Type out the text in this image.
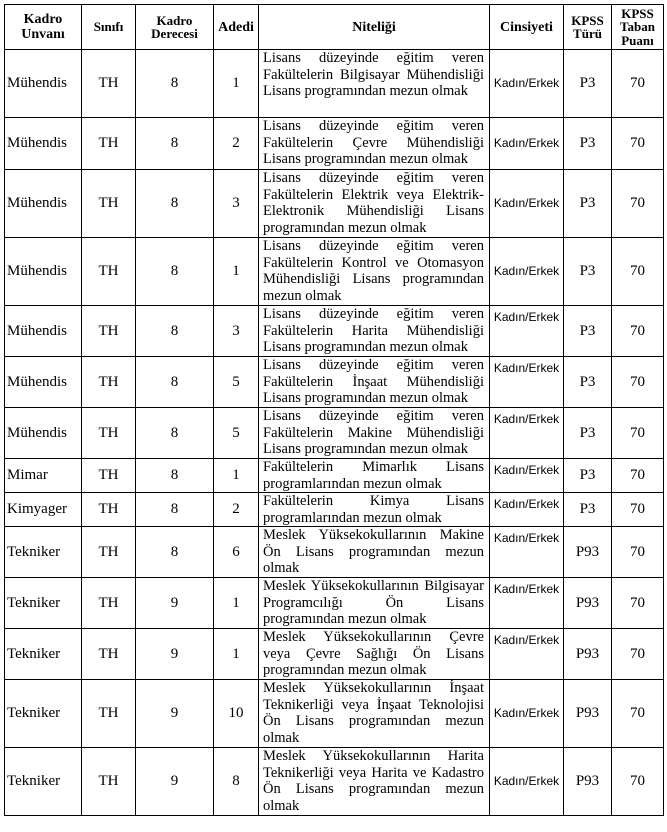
Kadro Unvanı	Sınıfı	Kadro Derecesi	Adedi	Niteliği	Cinsiyeti	KPSS Türü	KPSS Taban Puanı
Mühendis	TH	8	1	Lisans düzeyinde eğitim veren Fakültelerin Bilgisayar Mühendisliği Lisans programından mezun olmak	Kadın/Erkek	P3	70
Mühendis	TH	8	2	Lisans düzeyinde eğitim veren Fakültelerin Çevre Mühendisliği Lisans programından mezun olmak	Kadın/Erkek	P3	70
Mühendis	TH	8	3	Lisans düzeyinde eğitim veren Fakültelerin Elektrik veya Elektrik-Elektronik Mühendisliği Lisans programından mezun olmak	Kadın/Erkek	P3	70
Mühendis	TH	8	1	Lisans düzeyinde eğitim veren Fakültelerin Kontrol ve Otomasyon Mühendisliği Lisans programından mezun olmak	Kadın/Erkek	P3	70
Mühendis	TH	8	3	Lisans düzeyinde eğitim veren Fakültelerin Harita Mühendisliği Lisans programından mezun olmak	Kadın/Erkek	P3	70
Mühendis	TH	8	5	Lisans düzeyinde eğitim veren Fakültelerin İnşaat Mühendisliği Lisans programından mezun olmak	Kadın/Erkek	P3	70
Mühendis	TH	8	5	Lisans düzeyinde eğitim veren Fakültelerin Makine Mühendisliği Lisans programından mezun olmak	Kadın/Erkek	P3	70
Mimar	TH	8	1	Fakültelerin Mimarlık Lisans programlarından mezun olmak	Kadın/Erkek	P3	70
Kimyager	TH	8	2	Fakültelerin Kimya Lisans programlarından mezun olmak	Kadın/Erkek	P3	70
Tekniker	TH	8	6	Meslek Yüksekokullarının Makine Ön Lisans programından mezun olmak	Kadın/Erkek	P93	70
Tekniker	TH	9	1	Meslek Yüksekokullarının Bilgisayar Programcılığı Ön Lisans programından mezun olmak	Kadın/Erkek	P93	70
Tekniker	TH	9	1	Meslek Yüksekokullarının Çevre veya Çevre Sağlığı Ön Lisans programından mezun olmak	Kadın/Erkek	P93	70
Tekniker	TH	9	10	Meslek Yüksekokullarının İnşaat Teknikerliği veya İnşaat Teknolojisi Ön Lisans programından mezun olmak	Kadın/Erkek	P93	70
Tekniker	TH	9	8	Meslek Yüksekokullarının Harita Teknikerliği veya Harita ve Kadastro Ön Lisans programından mezun olmak	Kadın/Erkek	P93	70
